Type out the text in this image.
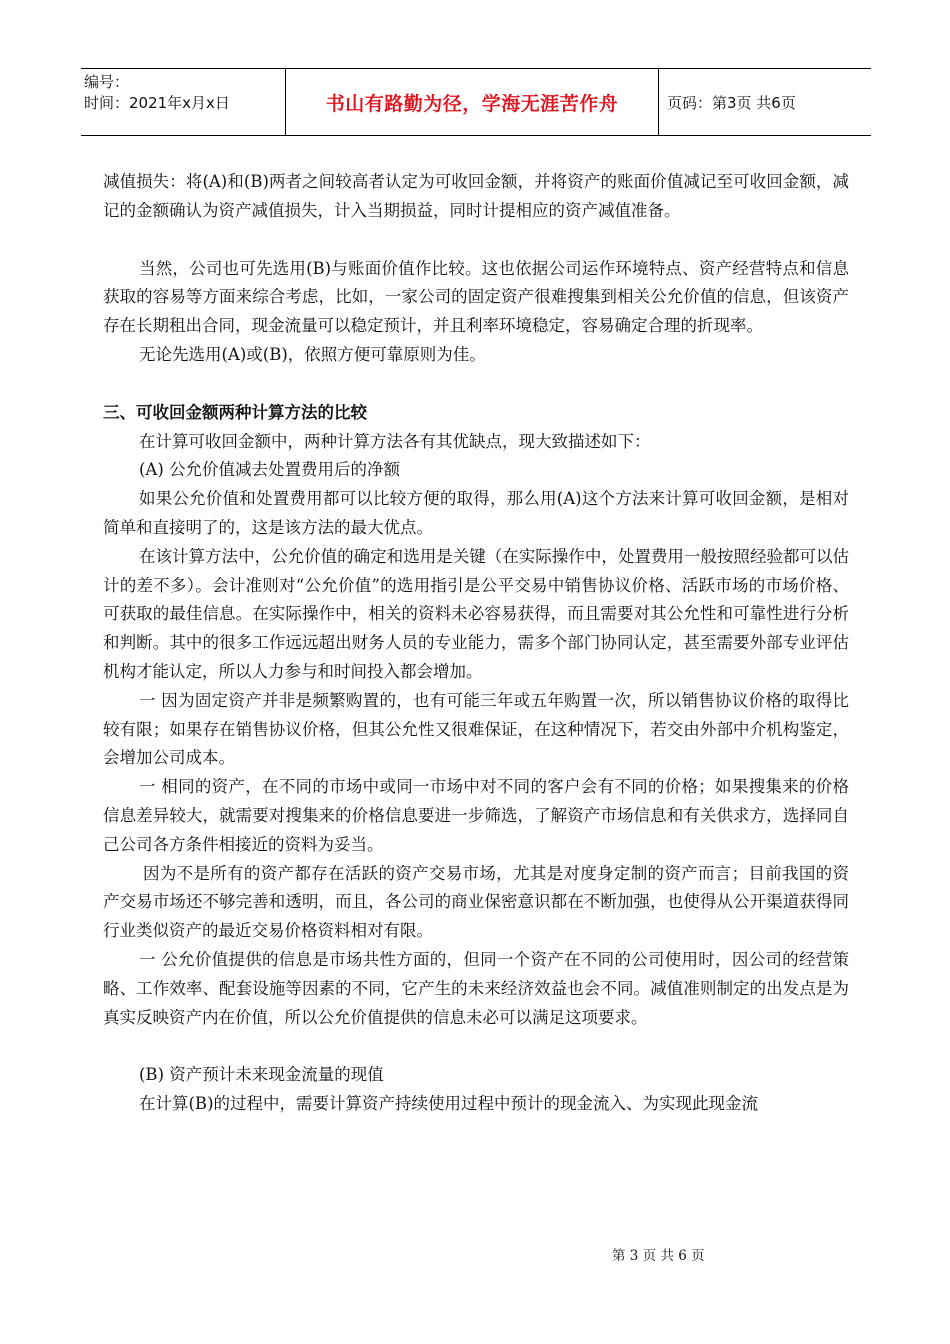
编号：
时间：2021年x月x日	书山有路勤为径，学海无涯苦作舟	页码：第3页 共6页

减值损失：将(A)和(B)两者之间较高者认定为可收回金额，并将资产的账面价值减记至可收回金额，减记的金额确认为资产减值损失，计入当期损益，同时计提相应的资产减值准备。

当然，公司也可先选用(B)与账面价值作比较。这也依据公司运作环境特点、资产经营特点和信息获取的容易等方面来综合考虑，比如，一家公司的固定资产很难搜集到相关公允价值的信息，但该资产存在长期租出合同，现金流量可以稳定预计，并且利率环境稳定，容易确定合理的折现率。

无论先选用(A)或(B)，依照方便可靠原则为佳。

三、可收回金额两种计算方法的比较

在计算可收回金额中，两种计算方法各有其优缺点，现大致描述如下：

(A) 公允价值减去处置费用后的净额

如果公允价值和处置费用都可以比较方便的取得，那么用(A)这个方法来计算可收回金额，是相对简单和直接明了的，这是该方法的最大优点。

在该计算方法中，公允价值的确定和选用是关键（在实际操作中，处置费用一般按照经验都可以估计的差不多）。会计准则对“公允价值”的选用指引是公平交易中销售协议价格、活跃市场的市场价格、可获取的最佳信息。在实际操作中，相关的资料未必容易获得，而且需要对其公允性和可靠性进行分析和判断。其中的很多工作远远超出财务人员的专业能力，需多个部门协同认定，甚至需要外部专业评估机构才能认定，所以人力参与和时间投入都会增加。

一 因为固定资产并非是频繁购置的，也有可能三年或五年购置一次，所以销售协议价格的取得比较有限；如果存在销售协议价格，但其公允性又很难保证，在这种情况下，若交由外部中介机构鉴定，会增加公司成本。

一 相同的资产，在不同的市场中或同一市场中对不同的客户会有不同的价格；如果搜集来的价格信息差异较大，就需要对搜集来的价格信息要进一步筛选，了解资产市场信息和有关供求方，选择同自己公司各方条件相接近的资料为妥当。

因为不是所有的资产都存在活跃的资产交易市场，尤其是对度身定制的资产而言；目前我国的资产交易市场还不够完善和透明，而且，各公司的商业保密意识都在不断加强，也使得从公开渠道获得同行业类似资产的最近交易价格资料相对有限。

一 公允价值提供的信息是市场共性方面的，但同一个资产在不同的公司使用时，因公司的经营策略、工作效率、配套设施等因素的不同，它产生的未来经济效益也会不同。减值准则制定的出发点是为真实反映资产内在价值，所以公允价值提供的信息未必可以满足这项要求。

(B) 资产预计未来现金流量的现值

在计算(B)的过程中，需要计算资产持续使用过程中预计的现金流入、为实现此现金流

第 3 页 共 6 页
